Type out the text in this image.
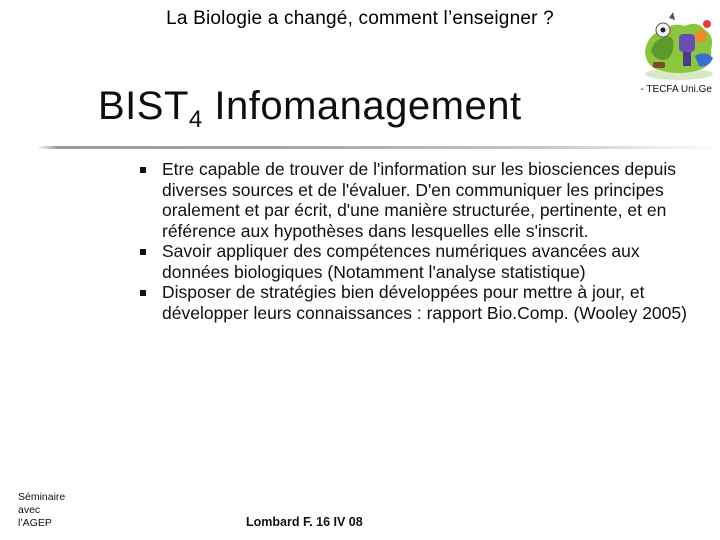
La Biologie a changé, comment l’enseigner ?
$BIST_4$ Infomanagement	- TECFA Uni.Ge
Etre capable de trouver de l'information sur les biosciences depuis diverses sources et de l'évaluer. D'en communiquer les principes oralement et par écrit, d'une manière structurée, pertinente, et en référence aux hypothèses dans lesquelles elle s'inscrit.
Savoir appliquer des compétences numériques avancées aux données biologiques (Notamment l'analyse statistique)
Disposer de stratégies bien développées pour mettre à jour, et développer leurs connaissances : rapport Bio.Comp. (Wooley 2005)
Séminaire
avec
l’AGEP	Lombard F. 16 IV 08
